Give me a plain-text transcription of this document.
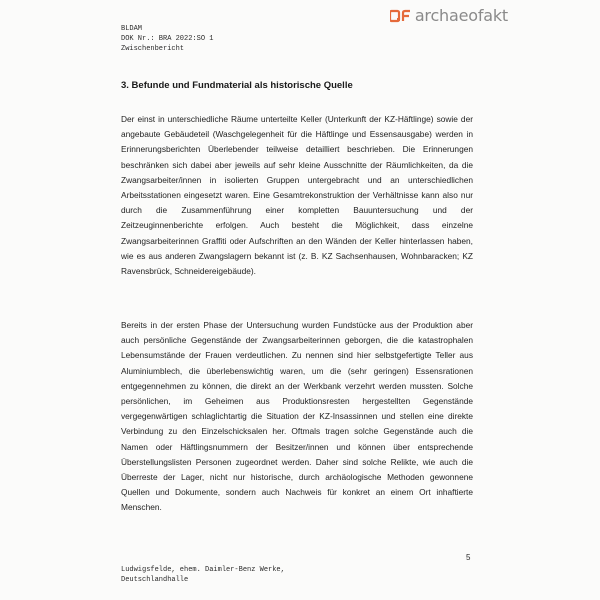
archaeofakt
BLDAM
DOK Nr.: BRA 2022:SO 1
Zwischenbericht
3. Befunde und Fundmaterial als historische Quelle

Der einst in unterschiedliche Räume unterteilte Keller (Unterkunft der KZ-Häftlinge) sowie der angebaute Gebäudeteil (Waschgelegenheit für die Häftlinge und Essensausgabe) werden in Erinnerungsberichten Überlebender teilweise detailliert beschrieben. Die Erinnerungen beschränken sich dabei aber jeweils auf sehr kleine Ausschnitte der Räumlichkeiten, da die Zwangsarbeiter/innen in isolierten Gruppen untergebracht und an unterschiedlichen Arbeitsstationen eingesetzt waren. Eine Gesamtrekonstruktion der Verhältnisse kann also nur durch die Zusammenführung einer kompletten Bauuntersuchung und der Zeitzeuginnenberichte erfolgen. Auch besteht die Möglichkeit, dass einzelne Zwangsarbeiterinnen Graffiti oder Aufschriften an den Wänden der Keller hinterlassen haben, wie es aus anderen Zwangslagern bekannt ist (z. B. KZ Sachsenhausen, Wohnbaracken; KZ Ravensbrück, Schneidereigebäude).

Bereits in der ersten Phase der Untersuchung wurden Fundstücke aus der Produktion aber auch persönliche Gegenstände der Zwangsarbeiterinnen geborgen, die die katastrophalen Lebensumstände der Frauen verdeutlichen. Zu nennen sind hier selbstgefertigte Teller aus Aluminiumblech, die überlebenswichtig waren, um die (sehr geringen) Essensrationen entgegennehmen zu können, die direkt an der Werkbank verzehrt werden mussten. Solche persönlichen, im Geheimen aus Produktionsresten hergestellten Gegenstände vergegenwärtigen schlaglichtartig die Situation der KZ-Insassinnen und stellen eine direkte Verbindung zu den Einzelschicksalen her. Oftmals tragen solche Gegenstände auch die Namen oder Häftlingsnummern der Besitzer/innen und können über entsprechende Überstellungslisten Personen zugeordnet werden. Daher sind solche Relikte, wie auch die Überreste der Lager, nicht nur historische, durch archäologische Methoden gewonnene Quellen und Dokumente, sondern auch Nachweis für konkret an einem Ort inhaftierte Menschen.

5
Ludwigsfelde, ehem. Daimler-Benz Werke,
Deutschlandhalle
